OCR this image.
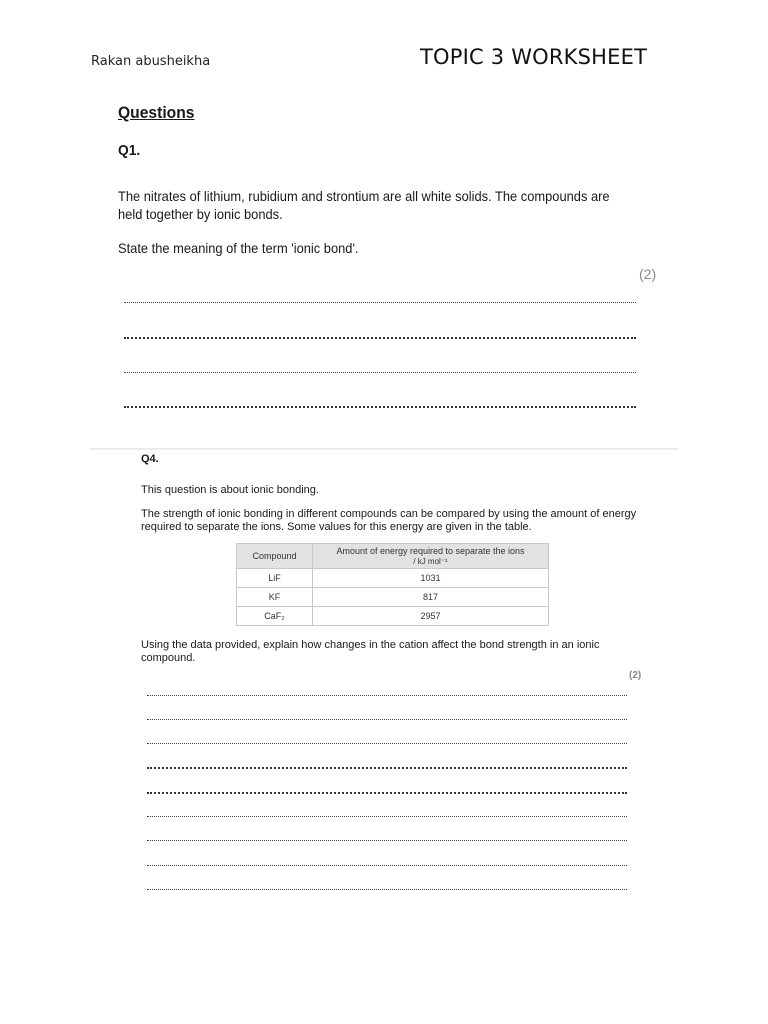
Rakan abusheikha	TOPIC 3 WORKSHEET
Questions
Q1.
The nitrates of lithium, rubidium and strontium are all white solids. The compounds are held together by ionic bonds.
State the meaning of the term 'ionic bond'.
(2)
Q4.
This question is about ionic bonding.
The strength of ionic bonding in different compounds can be compared by using the amount of energy required to separate the ions. Some values for this energy are given in the table.
Compound	Amount of energy required to separate the ions
/ kJ mol⁻¹

LiF	1031
KF	817
CaF₂	2957
Using the data provided, explain how changes in the cation affect the bond strength in an ionic compound.
(2)
